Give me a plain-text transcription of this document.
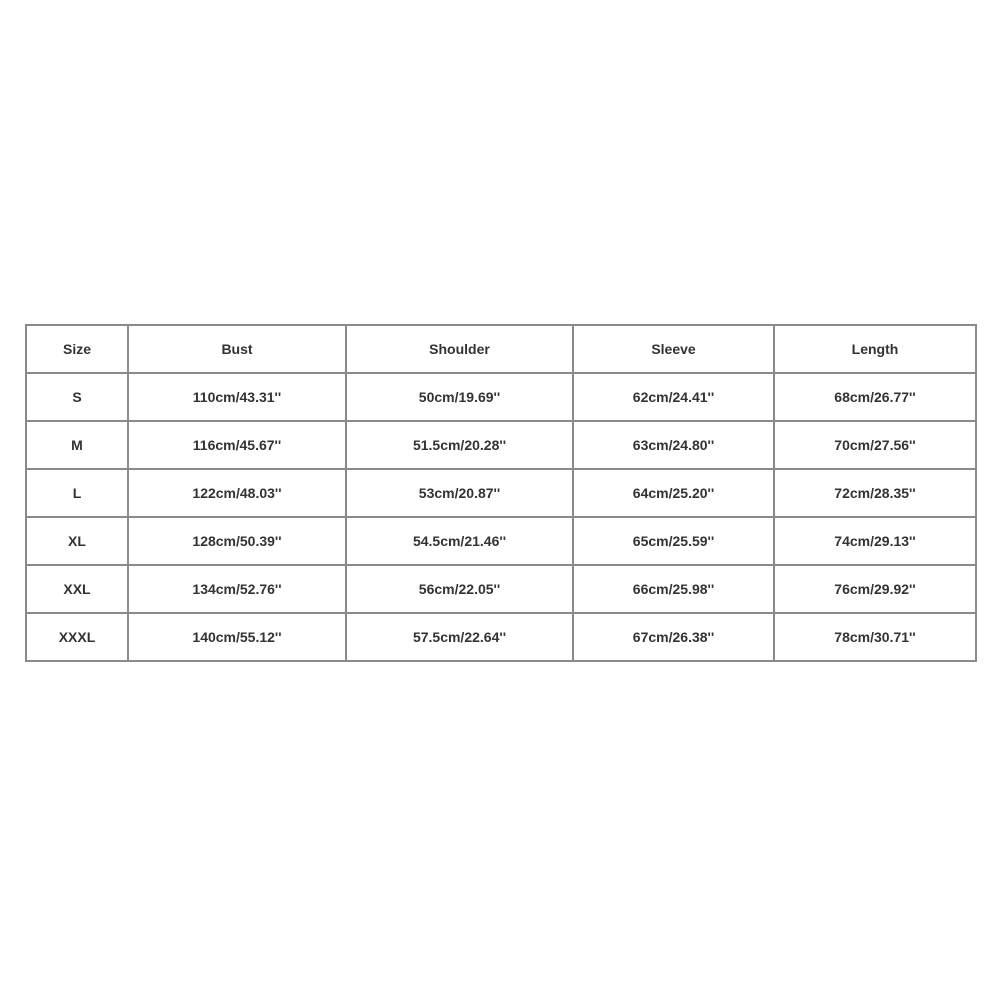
Size	Bust	Shoulder	Sleeve	Length
S	110cm/43.31''	50cm/19.69''	62cm/24.41''	68cm/26.77''
M	116cm/45.67''	51.5cm/20.28''	63cm/24.80''	70cm/27.56''
L	122cm/48.03''	53cm/20.87''	64cm/25.20''	72cm/28.35''
XL	128cm/50.39''	54.5cm/21.46''	65cm/25.59''	74cm/29.13''
XXL	134cm/52.76''	56cm/22.05''	66cm/25.98''	76cm/29.92''
XXXL	140cm/55.12''	57.5cm/22.64''	67cm/26.38''	78cm/30.71''
